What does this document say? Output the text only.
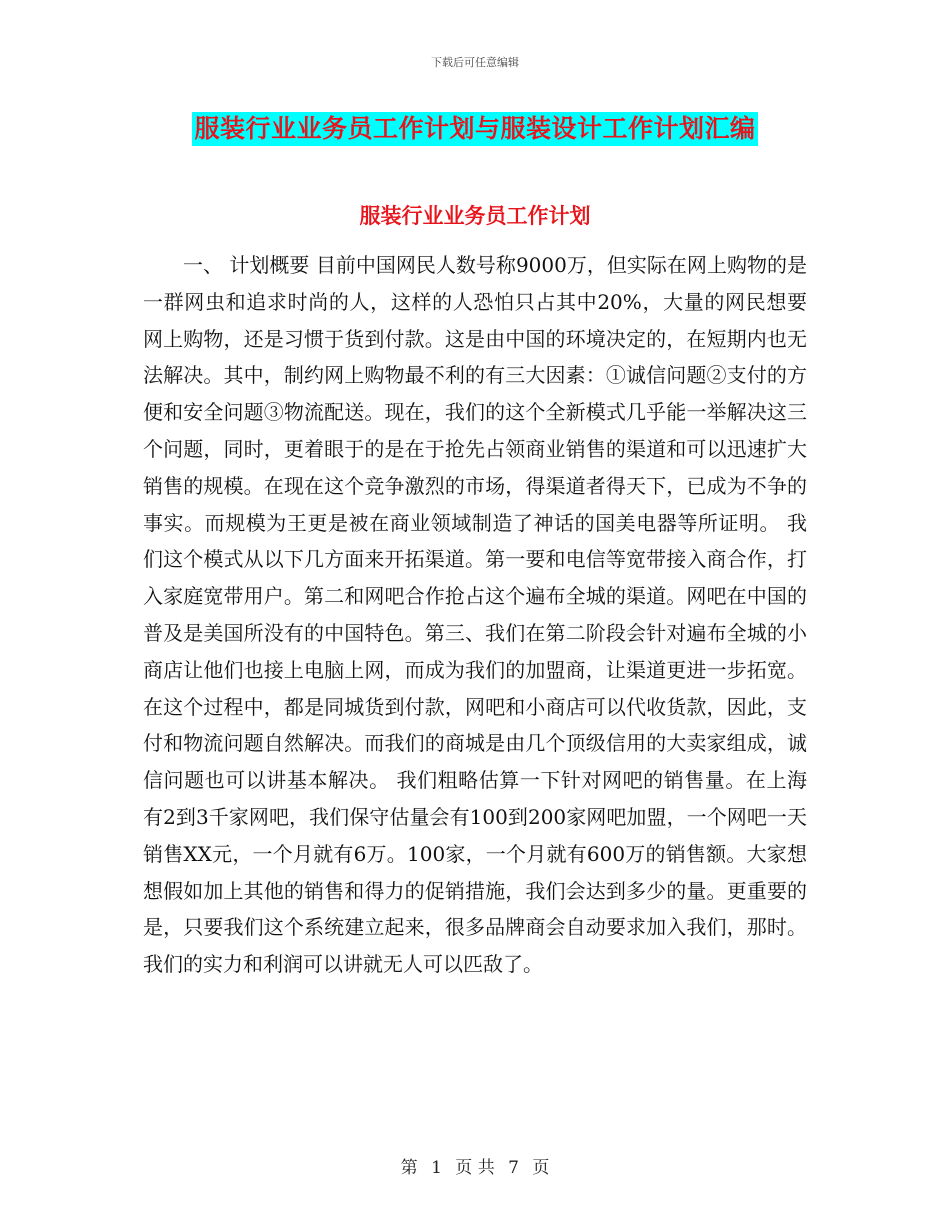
下载后可任意编辑
服装行业业务员工作计划与服装设计工作计划汇编
服装行业业务员工作计划

一、 计划概要 目前中国网民人数号称9000万，但实际在网上购物的是一群网虫和追求时尚的人，这样的人恐怕只占其中20%，大量的网民想要网上购物，还是习惯于货到付款。这是由中国的环境决定的，在短期内也无法解决。其中，制约网上购物最不利的有三大因素：①诚信问题②支付的方便和安全问题③物流配送。现在，我们的这个全新模式几乎能一举解决这三个问题，同时，更着眼于的是在于抢先占领商业销售的渠道和可以迅速扩大销售的规模。在现在这个竞争激烈的市场，得渠道者得天下，已成为不争的事实。而规模为王更是被在商业领域制造了神话的国美电器等所证明。 我们这个模式从以下几方面来开拓渠道。第一要和电信等宽带接入商合作，打入家庭宽带用户。第二和网吧合作抢占这个遍布全城的渠道。网吧在中国的普及是美国所没有的中国特色。第三、我们在第二阶段会针对遍布全城的小商店让他们也接上电脑上网，而成为我们的加盟商，让渠道更进一步拓宽。在这个过程中，都是同城货到付款，网吧和小商店可以代收货款，因此，支付和物流问题自然解决。而我们的商城是由几个顶级信用的大卖家组成，诚信问题也可以讲基本解决。 我们粗略估算一下针对网吧的销售量。在上海有2到3千家网吧，我们保守估量会有100到200家网吧加盟，一个网吧一天销售XX元，一个月就有6万。100家，一个月就有600万的销售额。大家想想假如加上其他的销售和得力的促销措施，我们会达到多少的量。更重要的是，只要我们这个系统建立起来，很多品牌商会自动要求加入我们，那时。我们的实力和利润可以讲就无人可以匹敌了。

第 1 页 共 7 页
